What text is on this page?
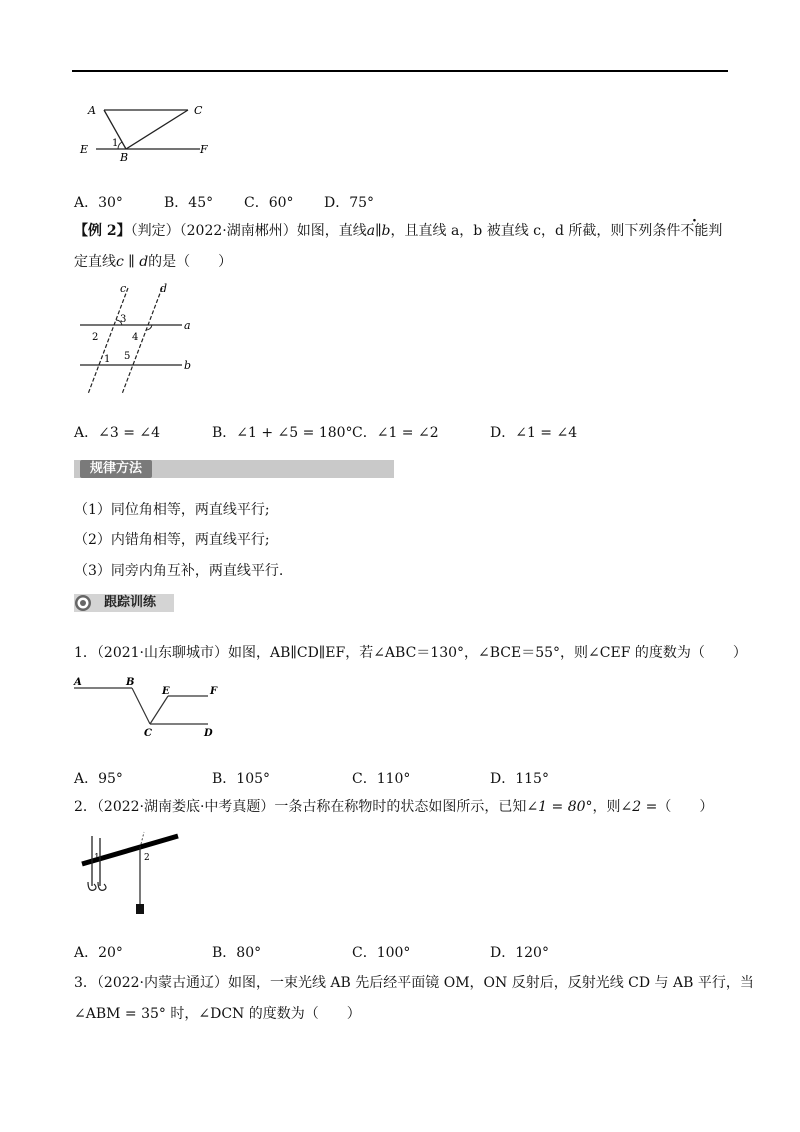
A	C
E
B
F
1
A．30°	B．45° C．60° D．75°
【例 2】（判定）（2022·湖南郴州）如图，直线a∥b，且直线 a，b 被直线 c，d 所截，则下列条件不能判
定直线c ∥ d的是（　　）
c	d
a
b
3
2	4
1 5
A．∠3 = ∠4	B．∠1 + ∠5 = 180° C．∠1 = ∠2	D．∠1 = ∠4
规律方法
（1）同位角相等，两直线平行;
（2）内错角相等，两直线平行;
（3）同旁内角互补，两直线平行.
跟踪训练
1．（2021·山东聊城市）如图，AB∥CD∥EF，若∠ABC＝130°，∠BCE＝55°，则∠CEF 的度数为（　　）
A	B
E	F
C	D
A．95°	B．105°	C．110°	D．115°
2．（2022·湖南娄底·中考真题）一条古称在称物时的状态如图所示，已知∠1 = 80°，则∠2 =（　　）
1	2
A．20°	B．80°	C．100°	D．120°
3．（2022·内蒙古通辽）如图，一束光线 AB 先后经平面镜 OM，ON 反射后，反射光线 CD 与 AB 平行，当
∠ABM = 35° 时，∠DCN 的度数为（　　）
